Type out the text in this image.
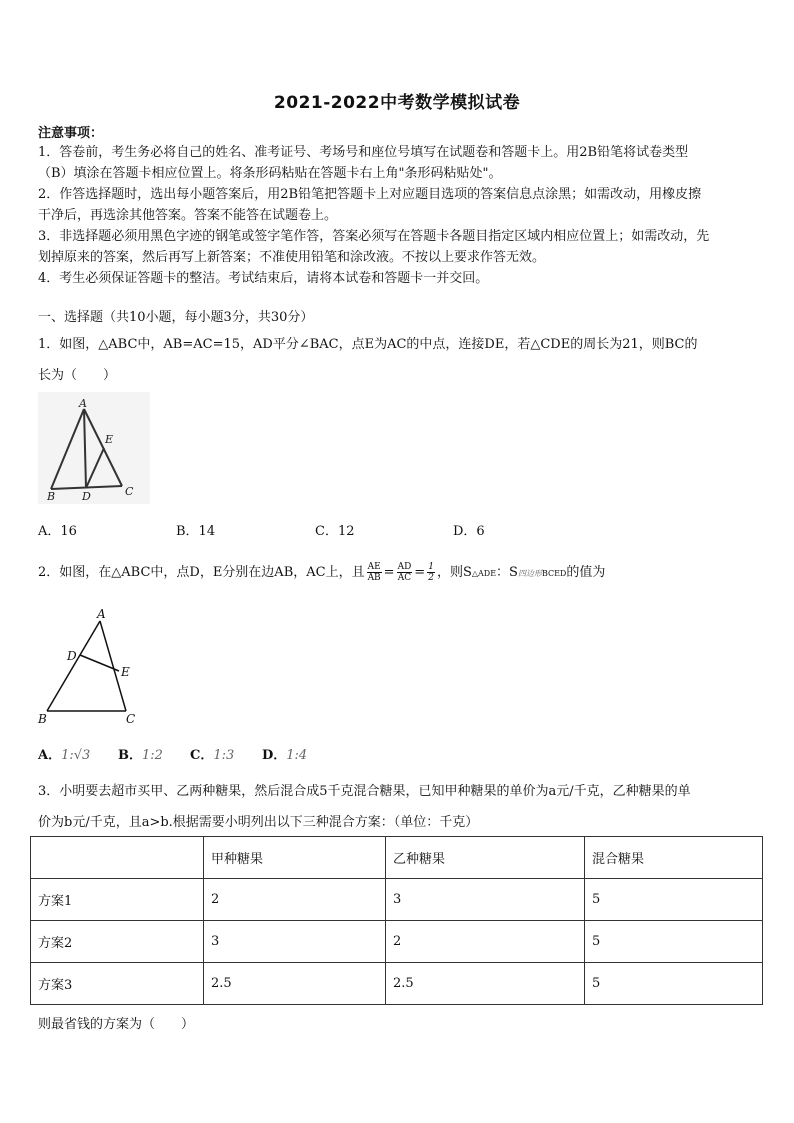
2021-2022中考数学模拟试卷
注意事项：
1．答卷前，考生务必将自己的姓名、准考证号、考场号和座位号填写在试题卷和答题卡上。用2B铅笔将试卷类型
（B）填涂在答题卡相应位置上。将条形码粘贴在答题卡右上角"条形码粘贴处"。
2．作答选择题时，选出每小题答案后，用2B铅笔把答题卡上对应题目选项的答案信息点涂黑；如需改动，用橡皮擦
干净后，再选涂其他答案。答案不能答在试题卷上。
3．非选择题必须用黑色字迹的钢笔或签字笔作答，答案必须写在答题卡各题目指定区域内相应位置上；如需改动，先
划掉原来的答案，然后再写上新答案；不准使用铅笔和涂改液。不按以上要求作答无效。
4．考生必须保证答题卡的整洁。考试结束后，请将本试卷和答题卡一并交回。
一、选择题（共10小题，每小题3分，共30分）
1．如图，△ABC中，AB=AC=15，AD平分∠BAC，点E为AC的中点，连接DE，若△CDE的周长为21，则BC的
长为（　　）
A
E
B D	C
A．16	B．14	C．12	D．6
2．如图，在△ABC中，点D，E分别在边AB，AC上，且 $\frac{AE}{AB} = \frac{AD}{AC} = \frac{1}{2}$ ，则S△ADE：S四边形BCED的值为
A
D
E
B	C
A．1:√3 B．1:2 C．1:3 D．1:4
3．小明要去超市买甲、乙两种糖果，然后混合成5千克混合糖果，已知甲种糖果的单价为a元/千克，乙种糖果的单
价为b元/千克，且a>b.根据需要小明列出以下三种混合方案：（单位：千克）
	甲种糖果	乙种糖果	混合糖果
方案1	2	3	5
方案2	3	2	5
方案3	2.5	2.5	5
则最省钱的方案为（　　）
